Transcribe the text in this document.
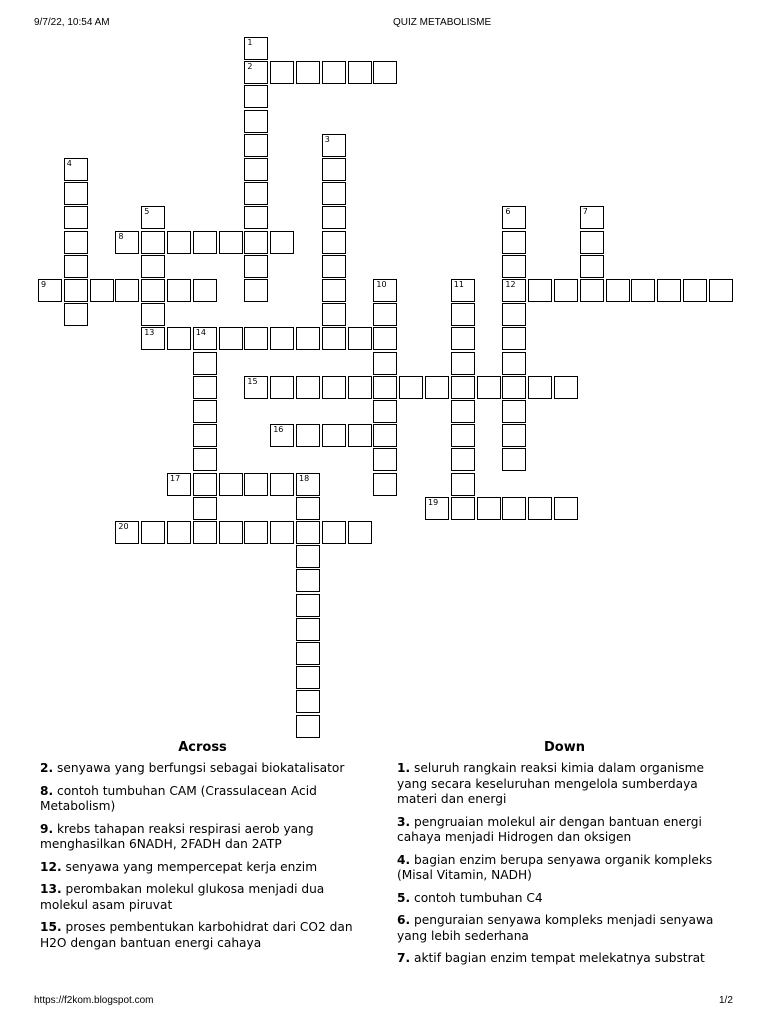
9/7/22, 10:54 AM	QUIZ METABOLISME
1
2
3
4
5	6
12
7
8
9	10	11
13	14
15
16
17	18
19
20
Across

2. senyawa yang berfungsi sebagai biokatalisator

8. contoh tumbuhan CAM (Crassulacean Acid Metabolism)

9. krebs tahapan reaksi respirasi aerob yang menghasilkan 6NADH, 2FADH dan 2ATP

12. senyawa yang mempercepat kerja enzim

13. perombakan molekul glukosa menjadi dua molekul asam piruvat

15. proses pembentukan karbohidrat dari CO2 dan H2O dengan bantuan energi cahaya

Down

1. seluruh rangkain reaksi kimia dalam organisme yang secara keseluruhan mengelola sumberdaya materi dan energi

3. pengruaian molekul air dengan bantuan energi cahaya menjadi Hidrogen dan oksigen

4. bagian enzim berupa senyawa organik kompleks (Misal Vitamin, NADH)

5. contoh tumbuhan C4

6. penguraian senyawa kompleks menjadi senyawa yang lebih sederhana

7. aktif bagian enzim tempat melekatnya substrat

https://f2kom.blogspot.com	1/2
